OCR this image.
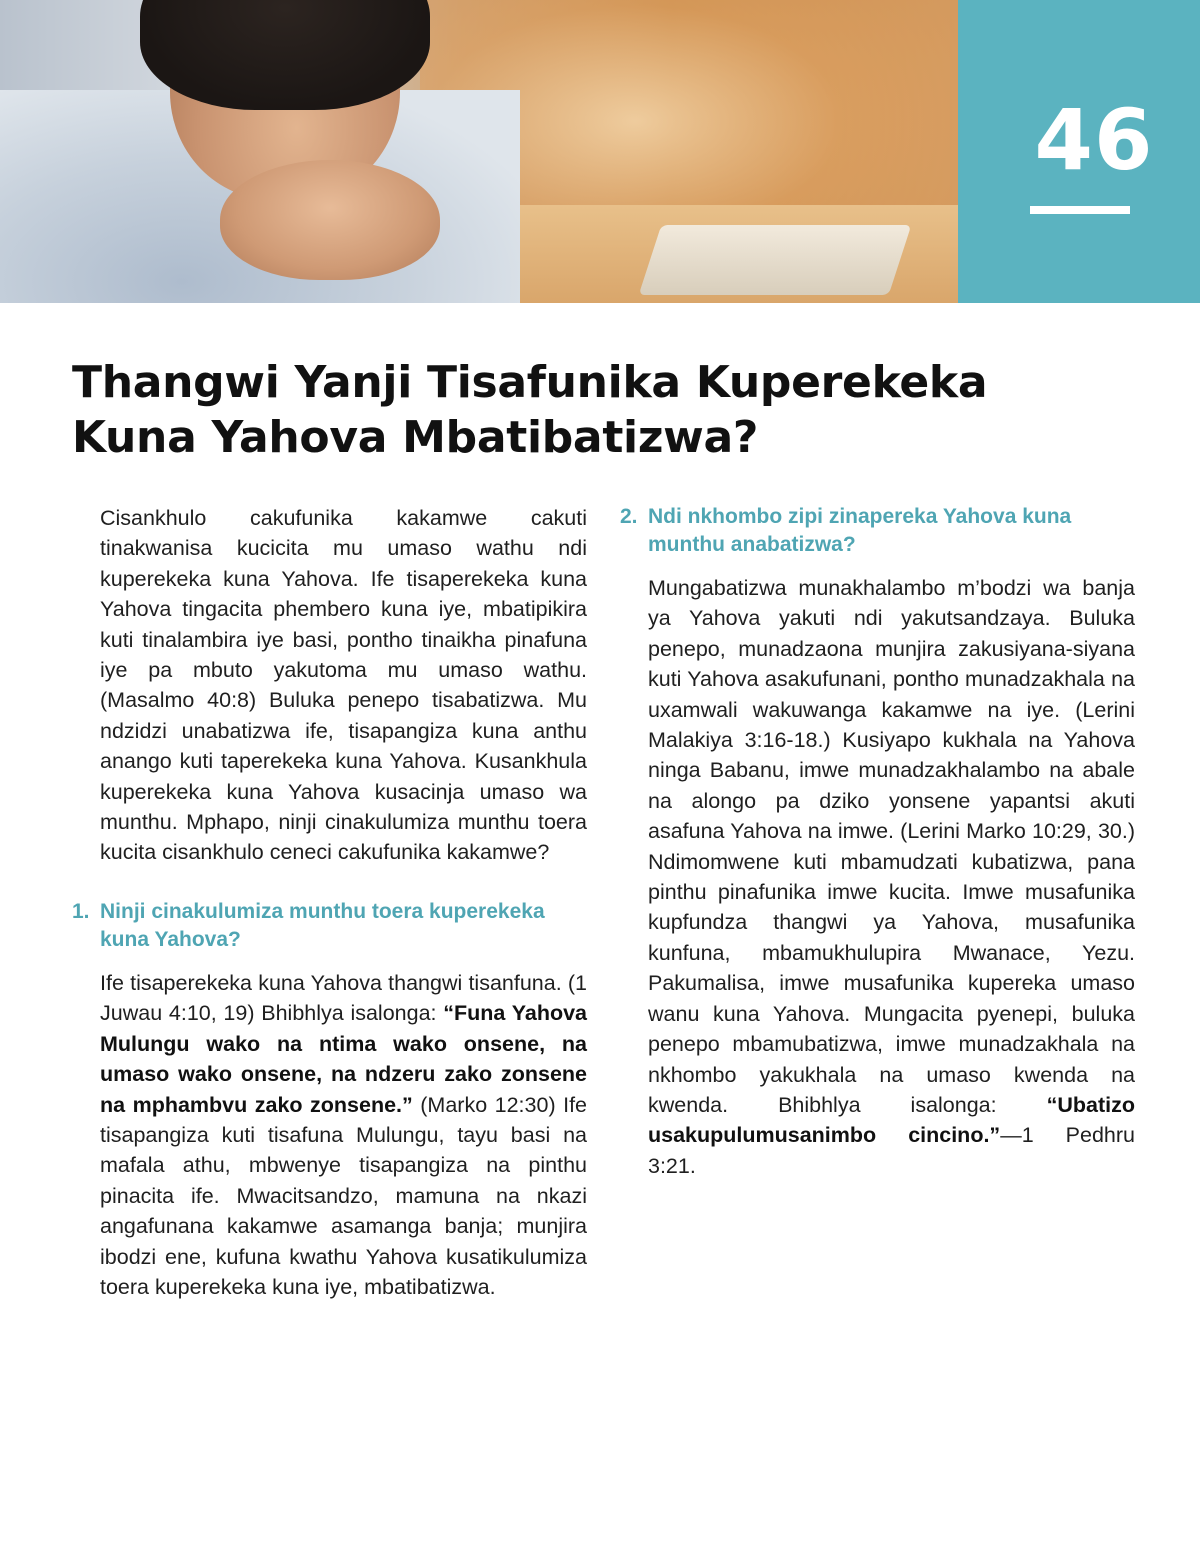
46
Thangwi Yanji Tisafunika Kuperekeka Kuna Yahova Mbatibatizwa?

Cisankhulo cakufunika kakamwe cakuti tinakwanisa kucicita mu umaso wathu ndi kuperekeka kuna Yahova. Ife tisaperekeka kuna Yahova tingacita phembero kuna iye, mbatipikira kuti tinalambira iye basi, pontho tinaikha pinafuna iye pa mbuto yakutoma mu umaso wathu. (Masalmo 40:8) Buluka penepo tisabatizwa. Mu ndzidzi unabatizwa ife, tisapangiza kuna anthu anango kuti taperekeka kuna Yahova. Kusankhula kuperekeka kuna Yahova kusacinja umaso wa munthu. Mphapo, ninji cinakulumiza munthu toera kucita cisankhulo ceneci cakufunika kakamwe?

1. Ninji cinakulumiza munthu toera kuperekeka kuna Yahova?

Ife tisaperekeka kuna Yahova thangwi tisanfuna. (1 Juwau 4:10, 19) Bhibhlya isalonga: “Funa Yahova Mulungu wako na ntima wako onsene, na umaso wako onsene, na ndzeru zako zonsene na mphambvu zako zonsene.” (Marko 12:30) Ife tisapangiza kuti tisafuna Mulungu, tayu basi na mafala athu, mbwenye tisapangiza na pinthu pinacita ife. Mwacitsandzo, mamuna na nkazi angafunana kakamwe asamanga banja; munjira ibodzi ene, kufuna kwathu Yahova kusatikulumiza toera kuperekeka kuna iye, mbatibatizwa.

2. Ndi nkhombo zipi zinapereka Yahova kuna munthu anabatizwa?

Mungabatizwa munakhalambo m’bodzi wa banja ya Yahova yakuti ndi yakutsandzaya. Buluka penepo, munadzaona munjira zakusiyana-siyana kuti Yahova asakufunani, pontho munadzakhala na uxamwali wakuwanga kakamwe na iye. (Lerini Malakiya 3:16-18.) Kusiyapo kukhala na Yahova ninga Babanu, imwe munadzakhalambo na abale na alongo pa dziko yonsene yapantsi akuti asafuna Yahova na imwe. (Lerini Marko 10:29, 30.) Ndimomwene kuti mbamudzati kubatizwa, pana pinthu pinafunika imwe kucita. Imwe musafunika kupfundza thangwi ya Yahova, musafunika kunfuna, mbamukhulupira Mwanace, Yezu. Pakumalisa, imwe musafunika kupereka umaso wanu kuna Yahova. Mungacita pyenepi, buluka penepo mbamubatizwa, imwe munadzakhala na nkhombo yakukhala na umaso kwenda na kwenda. Bhibhlya isalonga: “Ubatizo usakupulumusanimbo cincino.”—1 Pedhru 3:21.
